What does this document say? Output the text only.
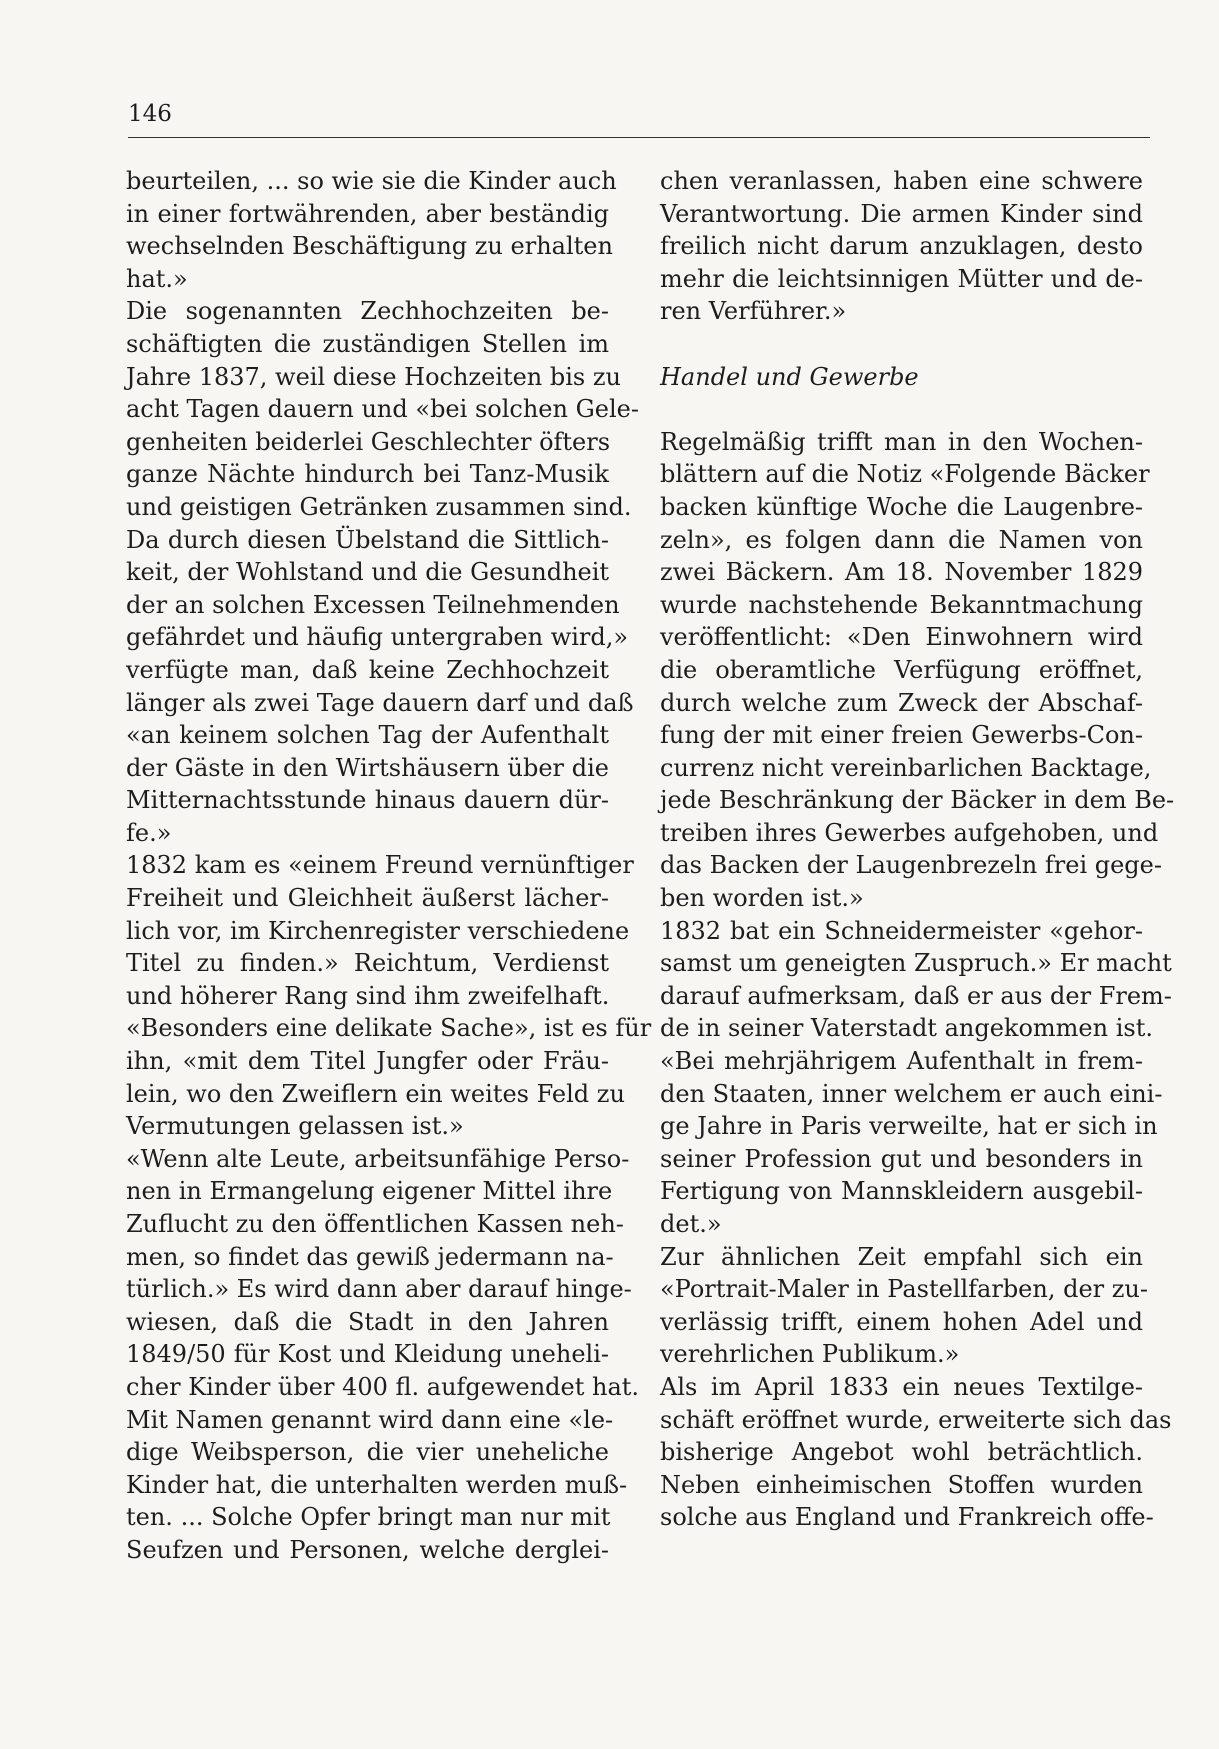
146
beurteilen, ... so wie sie die Kinder auch
in einer fortwährenden, aber beständig
wechselnden Beschäftigung zu erhalten
hat.»
Die sogenannten Zechhochzeiten be-
schäftigten die zuständigen Stellen im
Jahre 1837, weil diese Hochzeiten bis zu
acht Tagen dauern und «bei solchen Gele-
genheiten beiderlei Geschlechter öfters
ganze Nächte hindurch bei Tanz-Musik
und geistigen Getränken zusammen sind.
Da durch diesen Übelstand die Sittlich-
keit, der Wohlstand und die Gesundheit
der an solchen Excessen Teilnehmenden
gefährdet und häufig untergraben wird,»
verfügte man, daß keine Zechhochzeit
länger als zwei Tage dauern darf und daß
«an keinem solchen Tag der Aufenthalt
der Gäste in den Wirtshäusern über die
Mitternachtsstunde hinaus dauern dür-
fe.»
1832 kam es «einem Freund vernünftiger
Freiheit und Gleichheit äußerst lächer-
lich vor, im Kirchenregister verschiedene
Titel zu finden.» Reichtum, Verdienst
und höherer Rang sind ihm zweifelhaft.
«Besonders eine delikate Sache», ist es für
ihn, «mit dem Titel Jungfer oder Fräu-
lein, wo den Zweiflern ein weites Feld zu
Vermutungen gelassen ist.»
«Wenn alte Leute, arbeitsunfähige Perso-
nen in Ermangelung eigener Mittel ihre
Zuflucht zu den öffentlichen Kassen neh-
men, so findet das gewiß jedermann na-
türlich.» Es wird dann aber darauf hinge-
wiesen, daß die Stadt in den Jahren
1849/50 für Kost und Kleidung uneheli-
cher Kinder über 400 fl. aufgewendet hat.
Mit Namen genannt wird dann eine «le-
dige Weibsperson, die vier uneheliche
Kinder hat, die unterhalten werden muß-
ten. ... Solche Opfer bringt man nur mit
Seufzen und Personen, welche derglei-
chen veranlassen, haben eine schwere
Verantwortung. Die armen Kinder sind
freilich nicht darum anzuklagen, desto
mehr die leichtsinnigen Mütter und de-
ren Verführer.»
Handel und Gewerbe
Regelmäßig trifft man in den Wochen-
blättern auf die Notiz «Folgende Bäcker
backen künftige Woche die Laugenbre-
zeln», es folgen dann die Namen von
zwei Bäckern. Am 18. November 1829
wurde nachstehende Bekanntmachung
veröffentlicht: «Den Einwohnern wird
die oberamtliche Verfügung eröffnet,
durch welche zum Zweck der Abschaf-
fung der mit einer freien Gewerbs-Con-
currenz nicht vereinbarlichen Backtage,
jede Beschränkung der Bäcker in dem Be-
treiben ihres Gewerbes aufgehoben, und
das Backen der Laugenbrezeln frei gege-
ben worden ist.»
1832 bat ein Schneidermeister «gehor-
samst um geneigten Zuspruch.» Er macht
darauf aufmerksam, daß er aus der Frem-
de in seiner Vaterstadt angekommen ist.
«Bei mehrjährigem Aufenthalt in frem-
den Staaten, inner welchem er auch eini-
ge Jahre in Paris verweilte, hat er sich in
seiner Profession gut und besonders in
Fertigung von Mannskleidern ausgebil-
det.»
Zur ähnlichen Zeit empfahl sich ein
«Portrait-Maler in Pastellfarben, der zu-
verlässig trifft, einem hohen Adel und
verehrlichen Publikum.»
Als im April 1833 ein neues Textilge-
schäft eröffnet wurde, erweiterte sich das
bisherige Angebot wohl beträchtlich.
Neben einheimischen Stoffen wurden
solche aus England und Frankreich offe-
